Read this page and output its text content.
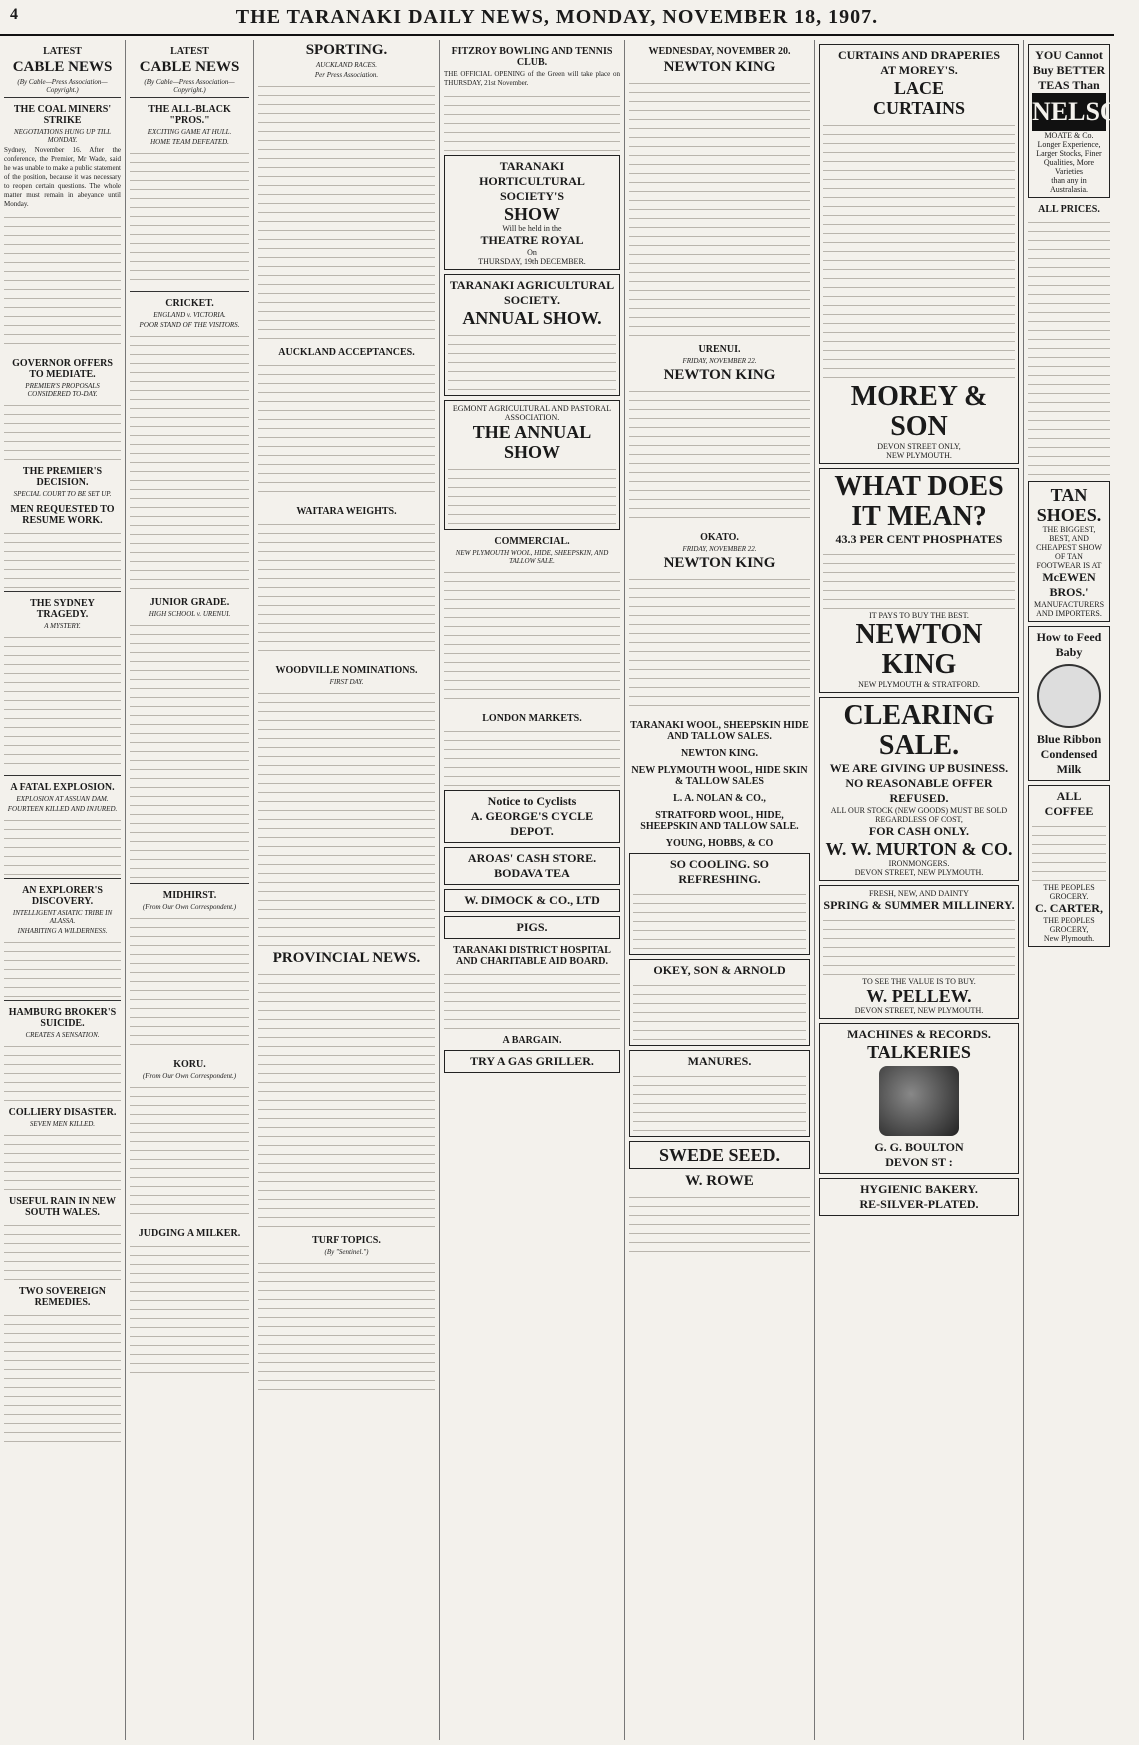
4	THE TARANAKI DAILY NEWS, MONDAY, NOVEMBER 18, 1907.
LATEST
CABLE NEWS
(By Cable—Press Association—Copyright.)
THE COAL MINERS' STRIKE
NEGOTIATIONS HUNG UP TILL MONDAY.

Sydney, November 16. After the conference, the Premier, Mr Wade, said he was unable to make a public statement of the position, because it was necessary to reopen certain questions. The whole matter must remain in abeyance until Monday.

GOVERNOR OFFERS TO MEDIATE.
PREMIER'S PROPOSALS CONSIDERED TO-DAY.
THE PREMIER'S DECISION.
SPECIAL COURT TO BE SET UP.
MEN REQUESTED TO RESUME WORK.
THE SYDNEY TRAGEDY.
A MYSTERY.
A FATAL EXPLOSION.
EXPLOSION AT ASSUAN DAM.
FOURTEEN KILLED AND INJURED.
AN EXPLORER'S DISCOVERY.
INTELLIGENT ASIATIC TRIBE IN ALASSA.
INHABITING A WILDERNESS.
HAMBURG BROKER'S SUICIDE.
CREATES A SENSATION.
COLLIERY DISASTER.
SEVEN MEN KILLED.
USEFUL RAIN IN NEW SOUTH WALES.
TWO SOVEREIGN REMEDIES.
LATEST
CABLE NEWS
(By Cable—Press Association—Copyright.)
THE ALL-BLACK "PROS."
EXCITING GAME AT HULL.
HOME TEAM DEFEATED.
CRICKET.
ENGLAND v. VICTORIA.
POOR STAND OF THE VISITORS.
JUNIOR GRADE.
HIGH SCHOOL v. URENUI.
MIDHIRST.
(From Our Own Correspondent.)
KORU.
(From Our Own Correspondent.)
JUDGING A MILKER.
SPORTING.
AUCKLAND RACES.
Per Press Association.
AUCKLAND ACCEPTANCES.
WAITARA WEIGHTS.
WOODVILLE NOMINATIONS.
FIRST DAY.
PROVINCIAL NEWS.
TURF TOPICS.
(By "Sentinel.")
FITZROY BOWLING AND TENNIS CLUB.

THE OFFICIAL OPENING of the Green will take place on THURSDAY, 21st November.

TARANAKI
HORTICULTURAL SOCIETY'S
SHOW
Will be held in the
THEATRE ROYAL
On
THURSDAY, 19th DECEMBER.
TARANAKI AGRICULTURAL SOCIETY.
ANNUAL SHOW.
EGMONT AGRICULTURAL AND PASTORAL ASSOCIATION.
THE ANNUAL SHOW
COMMERCIAL.
NEW PLYMOUTH WOOL, HIDE, SHEEPSKIN, AND TALLOW SALE.
LONDON MARKETS.
Notice to Cyclists
A. GEORGE'S CYCLE DEPOT.
AROAS' CASH STORE.
BODAVA TEA
W. DIMOCK & CO., LTD
PIGS.
TARANAKI DISTRICT HOSPITAL AND CHARITABLE AID BOARD.
A BARGAIN.
TRY A GAS GRILLER.
WEDNESDAY, NOVEMBER 20.
NEWTON KING
URENUI.
FRIDAY, NOVEMBER 22.
NEWTON KING
OKATO.
FRIDAY, NOVEMBER 22.
NEWTON KING
TARANAKI WOOL, SHEEPSKIN HIDE AND TALLOW SALES.
NEWTON KING.
NEW PLYMOUTH WOOL, HIDE SKIN & TALLOW SALES
L. A. NOLAN & CO.,
STRATFORD WOOL, HIDE, SHEEPSKIN AND TALLOW SALE.
YOUNG, HOBBS, & CO
SO COOLING. SO REFRESHING.
OKEY, SON & ARNOLD
MANURES.
SWEDE SEED.
W. ROWE
CURTAINS AND DRAPERIES
AT MOREY'S.
LACE
CURTAINS
MOREY & SON
DEVON STREET ONLY,
NEW PLYMOUTH.
WHAT DOES IT MEAN?
43.3 PER CENT PHOSPHATES
IT PAYS TO BUY THE BEST.
NEWTON KING
NEW PLYMOUTH & STRATFORD.
CLEARING
SALE.
WE ARE GIVING UP BUSINESS.
NO REASONABLE OFFER REFUSED.
ALL OUR STOCK (NEW GOODS) MUST BE SOLD REGARDLESS OF COST,
FOR CASH ONLY.
W. W. MURTON & CO.
IRONMONGERS.
DEVON STREET, NEW PLYMOUTH.
FRESH, NEW, AND DAINTY
SPRING & SUMMER MILLINERY.
TO SEE THE VALUE IS TO BUY.
W. PELLEW.
DEVON STREET, NEW PLYMOUTH.
MACHINES & RECORDS.
TALKERIES
G. G. BOULTON
DEVON ST :
HYGIENIC BAKERY.
RE-SILVER-PLATED.
YOU Cannot Buy BETTER TEAS Than
NELSON
MOATE & Co.
Longer Experience, Larger Stocks, Finer Qualities, More Varieties
than any in Australasia.
ALL PRICES.
TAN SHOES.
THE BIGGEST, BEST, AND CHEAPEST SHOW OF TAN FOOTWEAR IS AT
McEWEN BROS.'
MANUFACTURERS AND IMPORTERS.
How to Feed Baby
Blue Ribbon Condensed Milk
ALL COFFEE
THE PEOPLES GROCERY.
C. CARTER,
THE PEOPLES GROCERY,
New Plymouth.
